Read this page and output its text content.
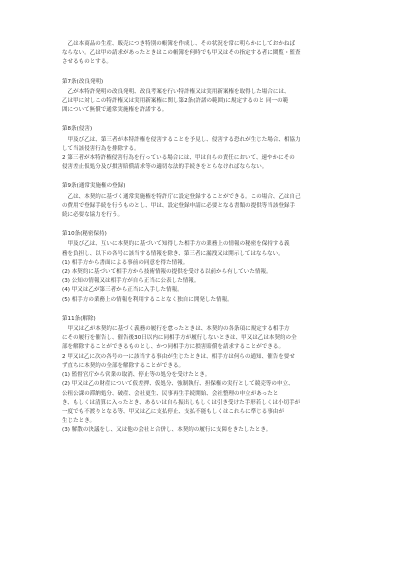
　乙は本商品の生産、販売につき特別の帳簿を作成し、その状況を常に明らかにしておかねば

ならない。乙は甲の請求があったときはこの帳簿を何時でも甲又はその指定する者に閲覧・監査

させるものとする。

第7条(改良発明)

　乙が本特許発明の改良発明、改良考案を行い特許権又は実用新案権を取得した場合には、

乙は甲に対しこの特許権又は実用新案権に関し第2条(許諾の範囲)に規定するのと 同一の範

囲について無償で通常実施権を許諾する。

第8条(侵害)

　甲及び乙は、第三者が本特許権を侵害することを予見し、侵害する恐れが生じた場合、相協力

して当該侵害行為を排除する。

2 第三者が本特許権侵害行為を行っている場合には、甲は自らの責任において、速やかにその

侵害差止仮処分及び損害賠償請求等の適切な法的手続きをとらなければならない。

第9条(通常実施権の登録)

　乙は、本契約に基づく通常実施権を特許庁に設定登録することができる。この場合、乙は自己

の費用で登録手続を行うものとし、甲は、設定登録申請に必要となる書類の提供等当該登録手

続に必要な協力を行う。

第10条(秘密保持)

　甲及び乙は、互いに本契約に基づいて知得した相手方の業務上の情報の秘密を保持する義

務を負担し、以下の各号に該当する情報を除き、第三者に漏洩又は開示してはならない。

(1) 相手方から書面による事前の同意を得た情報。

(2) 本契約に基づいて相手方から技術情報の提供を受ける以前から有していた情報。

(3) 公知の情報又は相手方が自ら正当に公表した情報。

(4) 甲又は乙が第三者から正当に入手した情報。

(5) 相手方の業務上の情報を利用することなく独自に開発した情報。

第11条(解除)

　甲又は乙が本契約に基づく義務の履行を怠ったときは、本契約の各条項に規定する相手方

にその履行を催告し、催告後30日以内に同相手方が履行しないときは、甲又は乙は本契約の全

部を解除することができるものとし、かつ同相手方に損害賠償を請求することができる。

2 甲又は乙に次の各号の一に該当する事由が生じたときは、相手方は何らの通知、催告を要せ

ず直ちに本契約の全部を解除することができる。

(1) 監督官庁から営業の取消、停止等の処分を受けたとき。

(2) 甲又は乙の財産について仮差押、仮処分、強制執行、担保権の実行として競売等の申立、

公租公課の滞納処分、破産、会社更生、民事再生手続開始、会社整理の申立があったと

き、もしくは清算に入ったとき、あるいは自ら振出しもしくは引き受けた手形若しくは小切手が

一度でも不渡りとなる等、甲又は乙に支払停止、支払不能もしくはこれらに準じる事由が

生じたとき。

(3) 解散の決議をし、又は他の会社と合併し、本契約の履行に支障をきたしたとき。
